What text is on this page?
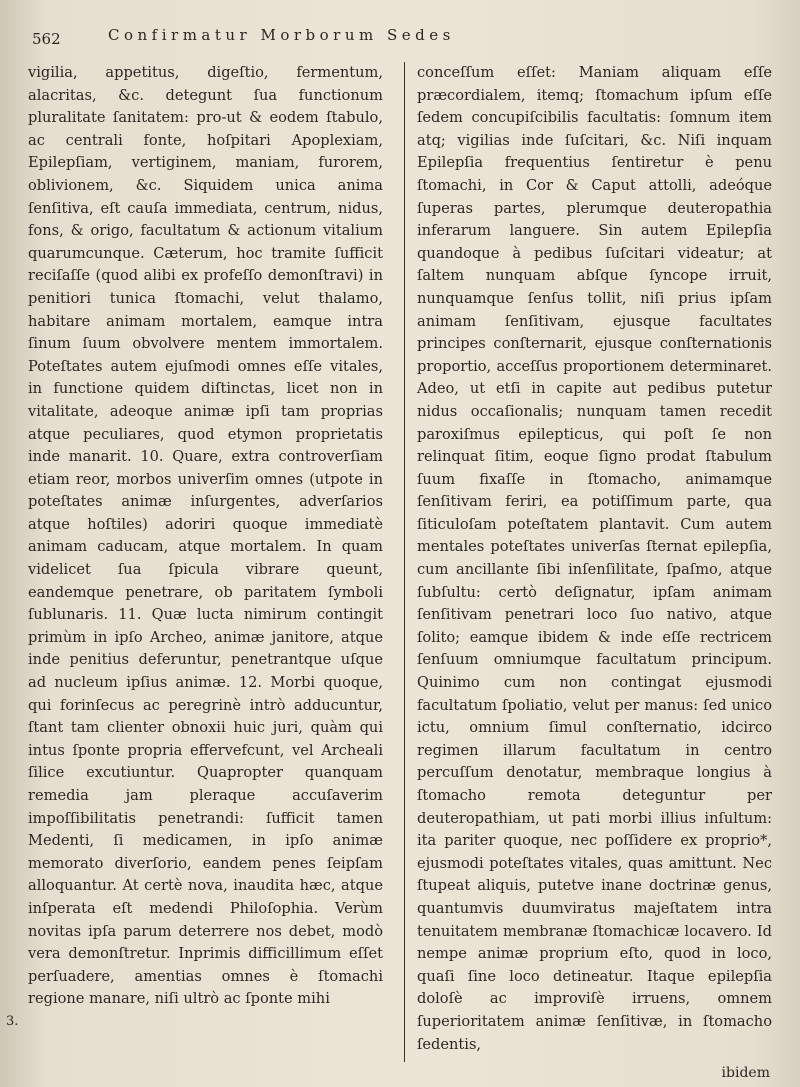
562	Confirmatur Morborum Sedes

vigilia, appetitus, digeſtio, fermentum, alacritas, &c. detegunt ſua functionum pluralitate ſanitatem: pro-ut & eodem ſtabulo, ac centrali fonte, hoſpitari Apoplexiam, Epilepſiam, vertiginem, maniam, furorem, oblivionem, &c. Siquidem unica anima ſenſitiva, eſt cauſa immediata, centrum, nidus, fons, & origo, facultatum & actionum vitalium quarumcunque. Cæterum, hoc tramite ſufficit reciſaſſe (quod alibi ex profeſſo demonſtravi) in penitiori tunica ſtomachi, velut thalamo, habitare animam mortalem, eamque intra ſinum ſuum obvolvere mentem immortalem. Poteſtates autem ejuſmodi omnes eſſe vitales, in functione quidem diſtinctas, licet non in vitalitate, adeoque animæ ipſi tam proprias atque peculiares, quod etymon proprietatis inde manarit. 10. Quare, extra controverſiam etiam reor, morbos univerſim omnes (utpote in poteſtates animæ inſurgentes, adverſarios atque hoſtiles) adoriri quoque immediatè animam caducam, atque mortalem. In quam videlicet ſua ſpicula vibrare queunt, eandemque penetrare, ob paritatem ſymboli ſublunaris. 11. Quæ lucta nimirum contingit primùm in ipſo Archeo, animæ janitore, atque inde penitius deferuntur, penetrantque uſque ad nucleum ipſius animæ. 12. Morbi quoque, qui forinſecus ac peregrinè intrò adducuntur, ſtant tam clienter obnoxii huic juri, quàm qui intus ſponte propria effervefcunt, vel Archeali ſilice excutiuntur. Quapropter quanquam remedia jam pleraque accuſaverim impoſſibilitatis penetrandi: ſufficit tamen Medenti, ſi medicamen, in ipſo animæ memorato diverſorio, eandem penes ſeipſam alloquantur. At certè nova, inaudita hæc, atque inſperata eſt medendi Philoſophia. Verùm novitas ipſa parum deterrere nos debet, modò vera demonſtretur. Inprimis difficillimum eſſet perſuadere, amentias omnes è ſtomachi regione manare, niſi ultrò ac ſponte mihi

conceſſum eſſet: Maniam aliquam eſſe præcordialem, itemq; ſtomachum ipſum eſſe ſedem concupiſcibilis facultatis: ſomnum item atq; vigilias inde ſuſcitari, &c. Niſi inquam Epilepſia frequentius ſentiretur è penu ſtomachi, in Cor & Caput attolli, adeóque ſuperas partes, plerumque deuteropathia inferarum languere. Sin autem Epilepſia quandoque à pedibus ſuſcitari videatur; at ſaltem nunquam abſque ſyncope irruit, nunquamque ſenſus tollit, niſi prius ipſam animam ſenſitivam, ejusque facultates principes conſternarit, ejusque conſternationis proportio, acceſſus proportionem determinaret. Adeo, ut etſi in capite aut pedibus putetur nidus occaſionalis; nunquam tamen recedit paroxiſmus epilepticus, qui poſt ſe non relinquat ſitim, eoque ſigno prodat ſtabulum ſuum fixaſſe in ſtomacho, animamque ſenſitivam feriri, ea potiſſimum parte, qua ſiticuloſam poteſtatem plantavit. Cum autem mentales poteſtates univerſas ſternat epilepſia, cum ancillante ſibi inſenſilitate, ſpaſmo, atque ſubſultu: certò deſignatur, ipſam animam ſenſitivam penetrari loco ſuo nativo, atque ſolito; eamque ibidem & inde eſſe rectricem ſenſuum omniumque facultatum principum. Quinimo cum non contingat ejusmodi facultatum ſpoliatio, velut per manus: ſed unico ictu, omnium ſimul conſternatio, idcirco regimen illarum facultatum in centro percuſſum denotatur, membraque longius à ſtomacho remota deteguntur per deuteropathiam, ut pati morbi illius inſultum: ita pariter quoque, nec poſſidere ex proprio*, ejusmodi poteſtates vitales, quas amittunt. Nec ſtupeat aliquis, putetve inane doctrinæ genus, quantumvis duumviratus majeſtatem intra tenuitatem membranæ ſtomachicæ locavero. Id nempe animæ proprium eſto, quod in loco, quaſi ſine loco detineatur. Itaque epilepſia doloſè ac improviſè irruens, omnem ſuperioritatem animæ ſenſitivæ, in ſtomacho ſedentis,

3.
ibidem
